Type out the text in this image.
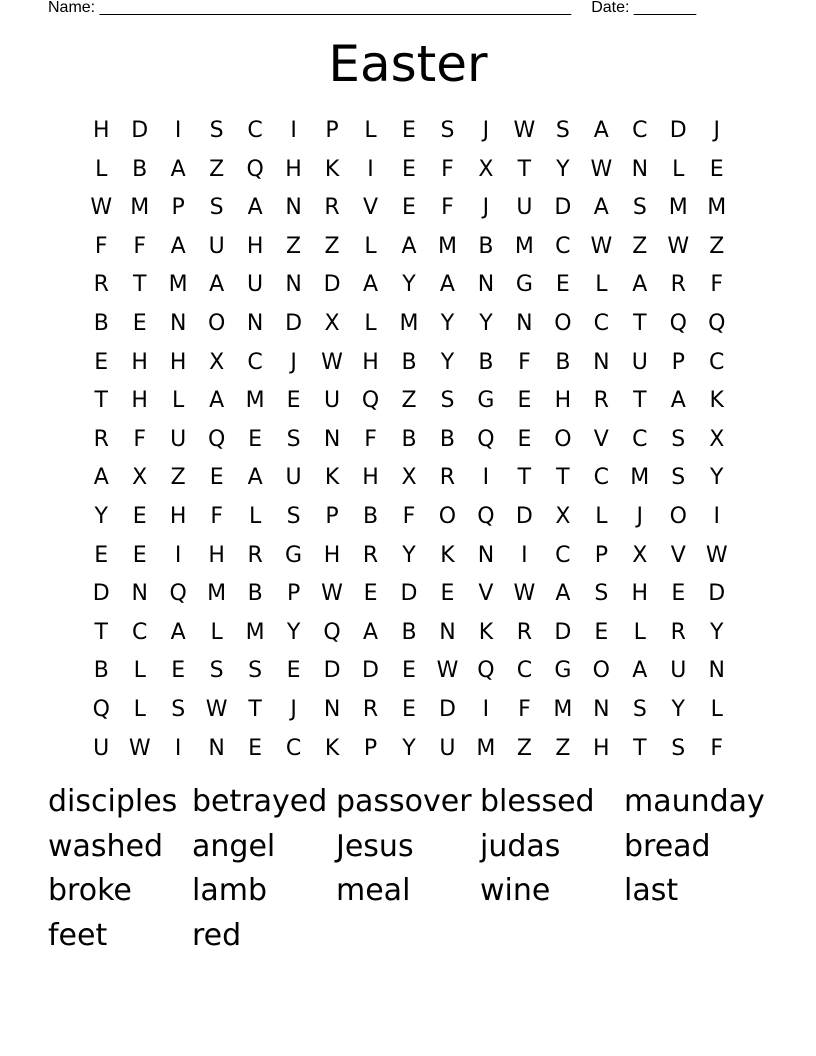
Name: _____________________________________________________ Date: _______
Easter
H D	I	S	C	I	P	L	E	S	J	W S	A	C	D	J
L	B	A	Z	Q H	K	I	E	F	X	T	Y W N	L	E
W M	P	S	A	N	R	V	E	F	J	U D	A	S M M
F	F	A	U	H	Z	Z	L	A M B M C W Z W Z
R	T	M A	U	N D	A	Y	A	N G	E	L	A	R	F
B	E	N O N D	X	L	M	Y	Y	N O	C	T	Q Q
E	H H	X	C	J	W H	B	Y	B	F	B	N	U	P	C
T	H	L	A M	E	U Q	Z	S	G	E	H	R	T	A	K
R	F	U Q	E	S	N	F	B	B	Q	E	O	V	C	S	X
A	X	Z	E	A	U	K	H	X	R	I	T	T	C M	S	Y
Y	E	H	F	L	S	P	B	F	O Q D	X	L	J	O	I
E	E	I	H	R	G H	R	Y	K	N	I	C	P	X	V W
D N Q M B	P W E	D	E	V W A	S	H	E	D
T	C	A	L	M	Y	Q	A	B	N	K	R	D	E	L	R	Y
B	L	E	S	S	E	D D	E W Q	C	G O	A	U	N
Q	L	S W T	J	N	R	E	D	I	F	M N	S	Y	L
U W	I	N	E	C	K	P	Y	U M Z	Z	H	T	S	F
disciples betrayed passover blessed maunday
washed angel	Jesus	judas	bread
broke	lamb	meal	wine	last
feet	red
